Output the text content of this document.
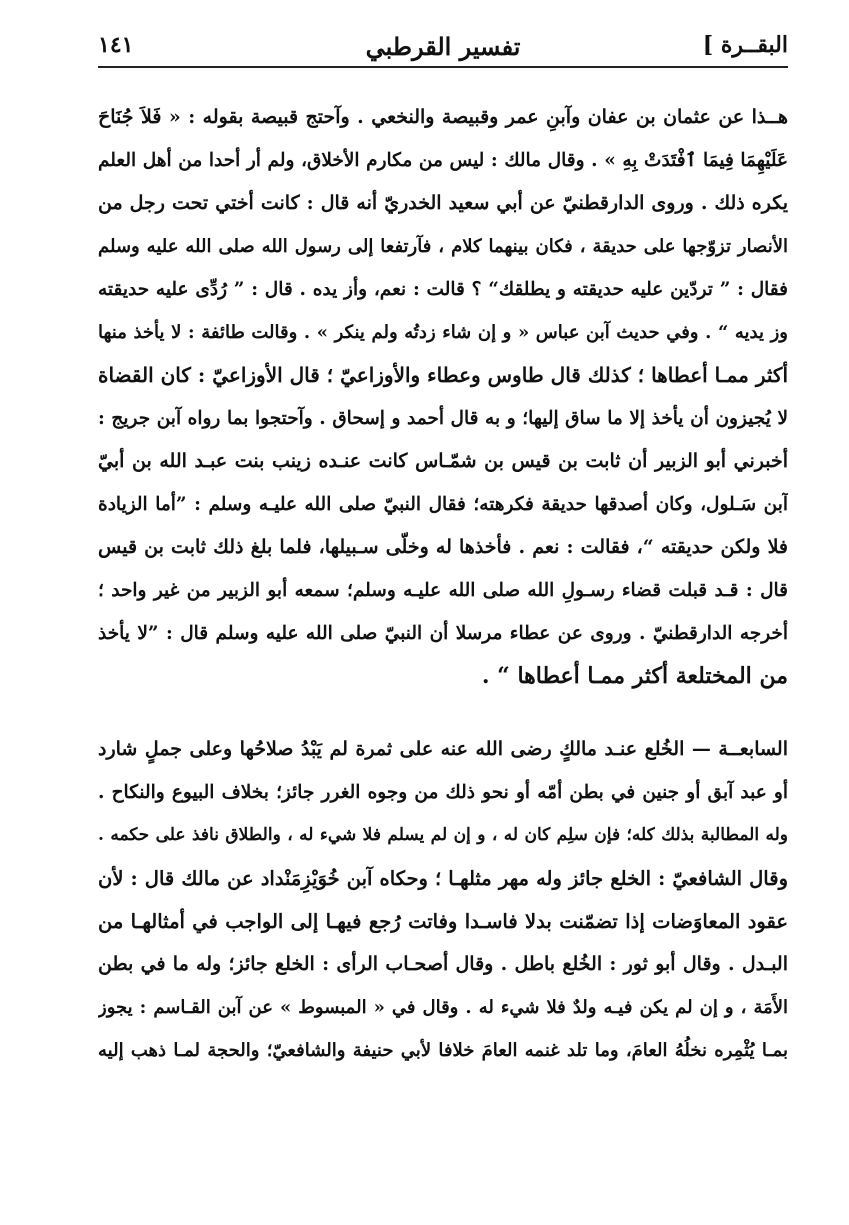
البقــرة ]
تفسير القرطبي
١٤١
هــذا عن عثمان بن عفان وآبنِ عمر وقبيصة والنخعي . وآحتج قبيصة بقوله : « فَلاَ جُنَاحَ
عَلَيْهِمَا فِيمَا ٱفْتَدَتْ بِهِ » . وقال مالك : ليس من مكارم الأخلاق، ولم أر أحدا من أهل العلم
يكره ذلك . وروى الدارقطنيّ عن أبي سعيد الخدريّ أنه قال : كانت أختي تحت رجل من
الأنصار تزوّجها على حديقة ، فكان بينهما كلام ، فآرتفعا إلى رسول الله صلى الله عليه وسلم
فقال : ” تردّين عليه حديقته و يطلقك“ ؟ قالت : نعم، وأز يده . قال : ” رُدِّى عليه حديقته
وز يديه “ . وفي حديث آبن عباس « و إن شاء زدتُه ولم ينكر » . وقالت طائفة : لا يأخذ منها
أكثر ممـا أعطاها ؛ كذلك قال طاوس وعطاء والأوزاعيّ ؛ قال الأوزاعيّ : كان القضاة
لا يُجيزون أن يأخذ إلا ما ساق إليها؛ و به قال أحمد و إسحاق . وآحتجوا بما رواه آبن جريج :
أخبرني أبو الزبير أن ثابت بن قيس بن شمّـاس كانت عنـده زينب بنت عبـد الله بن أبيّ
آبن سَـلول، وكان أصدقها حديقة فكرهته؛ فقال النبيّ صلى الله عليـه وسلم : ”أما الزيادة
فلا ولكن حديقته “، فقالت : نعم . فأخذها له وخلّى سـبيلها، فلما بلغ ذلك ثابت بن قيس
قال : قـد قبلت قضاء رسـولِ الله صلى الله عليـه وسلم؛ سمعه أبو الزبير من غير واحد ؛
أخرجه الدارقطنيّ . وروى عن عطاء مرسلا أن النبيّ صلى الله عليه وسلم قال : ”لا يأخذ
من المختلعة أكثر ممـا أعطاها “ .
السابعــة — الخُلع عنـد مالكٍ رضى الله عنه على ثمرة لم يَبْدُ صلاحُها وعلى جملٍ شارد
أو عبد آبق أو جنين في بطن أمّه أو نحو ذلك من وجوه الغرر جائز؛ بخلاف البيوع والنكاح .
وله المطالبة بذلك كله؛ فإن سلِم كان له ، و إن لم يسلم فلا شيء له ، والطلاق نافذ على حكمه .
وقال الشافعيّ : الخلع جائز وله مهر مثلهـا ؛ وحكاه آبن خُوَيْزِمَنْداد عن مالك قال : لأن
عقود المعاوَضات إذا تضمّنت بدلا فاسـدا وفاتت رُجع فيهـا إلى الواجب في أمثالهـا من
البـدل . وقال أبو ثور : الخُلع باطل . وقال أصحـاب الرأى : الخلع جائز؛ وله ما في بطن
الأَمَة ، و إن لم يكن فيـه ولدٌ فلا شيء له . وقال في « المبسوط » عن آبن القـاسم : يجوز
بمـا يُثْمِره نخلُهُ العامَ، وما تلد غنمه العامَ خلافا لأبي حنيفة والشافعيّ؛ والحجة لمـا ذهب إليه
